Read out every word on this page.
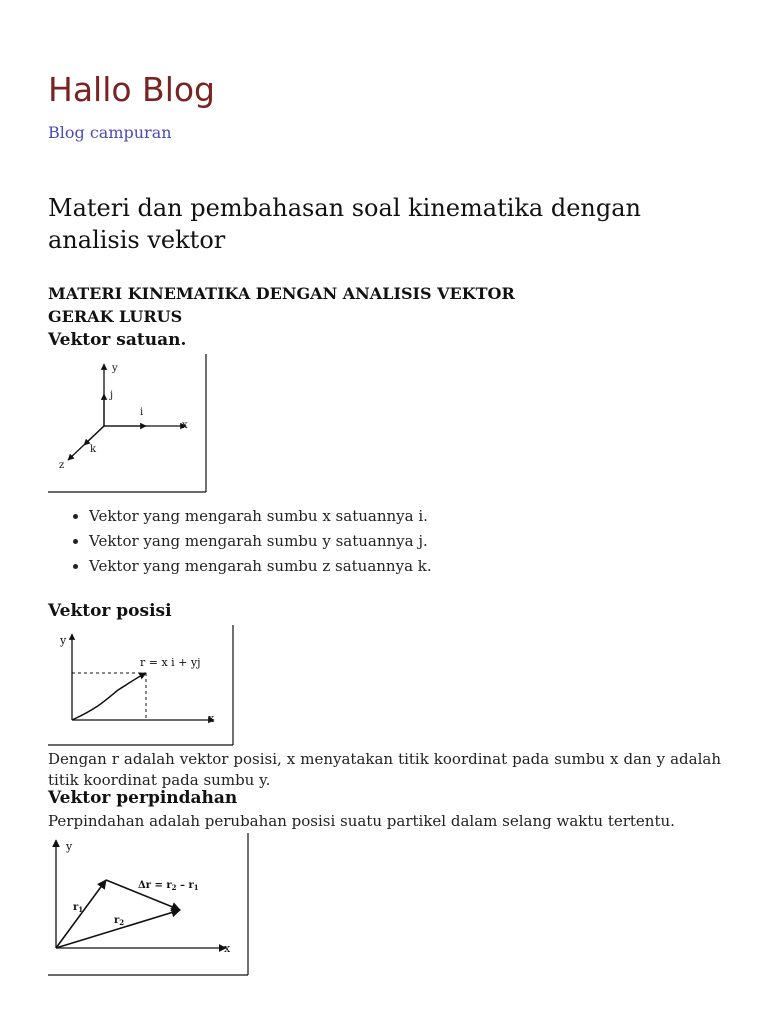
Hallo Blog
Blog campuran
Materi dan pembahasan soal kinematika dengan analisis vektor
MATERI KINEMATIKA DENGAN ANALISIS VEKTOR
GERAK LURUS
Vektor satuan.
y
j
i
x
k
z
• Vektor yang mengarah sumbu x satuannya i.
• Vektor yang mengarah sumbu y satuannya j.
• Vektor yang mengarah sumbu z satuannya k.
Vektor posisi
y
x
r = x i + yj
Dengan r adalah vektor posisi, x menyatakan titik koordinat pada sumbu x dan y adalah titik koordinat pada sumbu y.
Vektor perpindahan
Perpindahan adalah perubahan posisi suatu partikel dalam selang waktu tertentu.
y
x
$r_1$
$r_2$
$\Delta r = r_2 - r_1$
